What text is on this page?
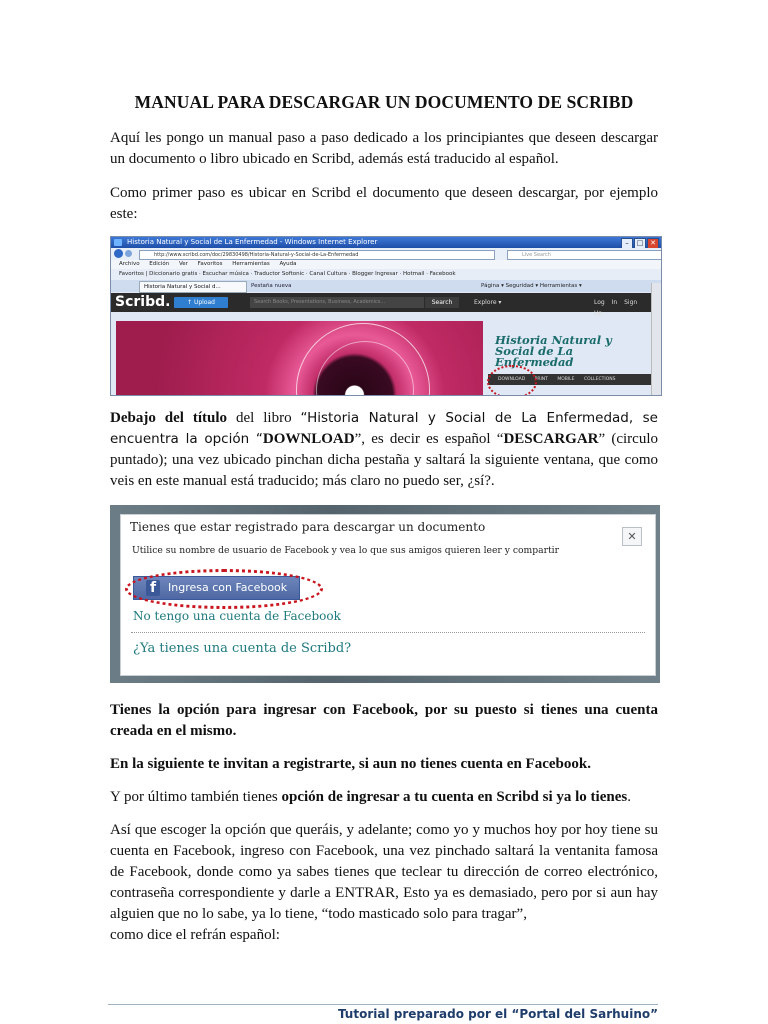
MANUAL PARA DESCARGAR UN DOCUMENTO DE SCRIBD

Aquí les pongo un manual paso a paso dedicado a los principiantes que deseen descargar un documento o libro ubicado en Scribd, además está traducido al español.

Como primer paso es ubicar en Scribd el documento que deseen descargar, por ejemplo este:

Debajo del título del libro “Historia Natural y Social de La Enfermedad, se encuentra la opción “DOWNLOAD”, es decir es español “DESCARGAR” (circulo puntado); una vez ubicado pinchan dicha pestaña y saltará la siguiente ventana, que como veis en este manual está traducido; más claro no puedo ser, ¿sí?.

Tienes la opción para ingresar con Facebook, por su puesto si tienes una cuenta creada en el mismo.

En la siguiente te invitan a registrarte, si aun no tienes cuenta en Facebook.

Y por último también tienes opción de ingresar a tu cuenta en Scribd si ya lo tienes.

Así que escoger la opción que queráis, y adelante; como yo y muchos hoy por hoy tiene su cuenta en Facebook, ingreso con Facebook, una vez pinchado saltará la ventanita famosa de Facebook, donde como ya sabes tienes que teclear tu dirección de correo electrónico, contraseña correspondiente y darle a ENTRAR, Esto ya es demasiado, pero por si aun hay alguien que no lo sabe, ya lo tiene, “todo masticado solo para tragar”,
como dice el refrán español:

Historia Natural y Social de La Enfermedad - Windows Internet Explorer	–	□ ✕
http://www.scribd.com/doc/29830498/Historia-Natural-y-Social-de-La-Enfermedad	Live Search
Archivo Edición Ver Favoritos Herramientas Ayuda
Favoritos | Diccionario gratis · Escuchar música · Traductor Softonic · Canal Cultura · Blogger Ingresar · Hotmail · Facebook
Historia Natural y Social d...	Pestaña nueva	Página ▾ Seguridad ▾ Herramientas ▾
Scribd.	↑ Upload	Search Books, Presentations, Business, Academics...	Search	Explore ▾	Log In Sign Up
Historia Natural y Social de La Enfermedad
DOWNLOAD PRINT MOBILE COLLECTIONS
Tienes que estar registrado para descargar un documento
Utilice su nombre de usuario de Facebook y vea lo que sus amigos quieren leer y compartir
✕
f	Ingresa con Facebook
No tengo una cuenta de Facebook
¿Ya tienes una cuenta de Scribd?
Tutorial preparado por el “Portal del Sarhuino”
